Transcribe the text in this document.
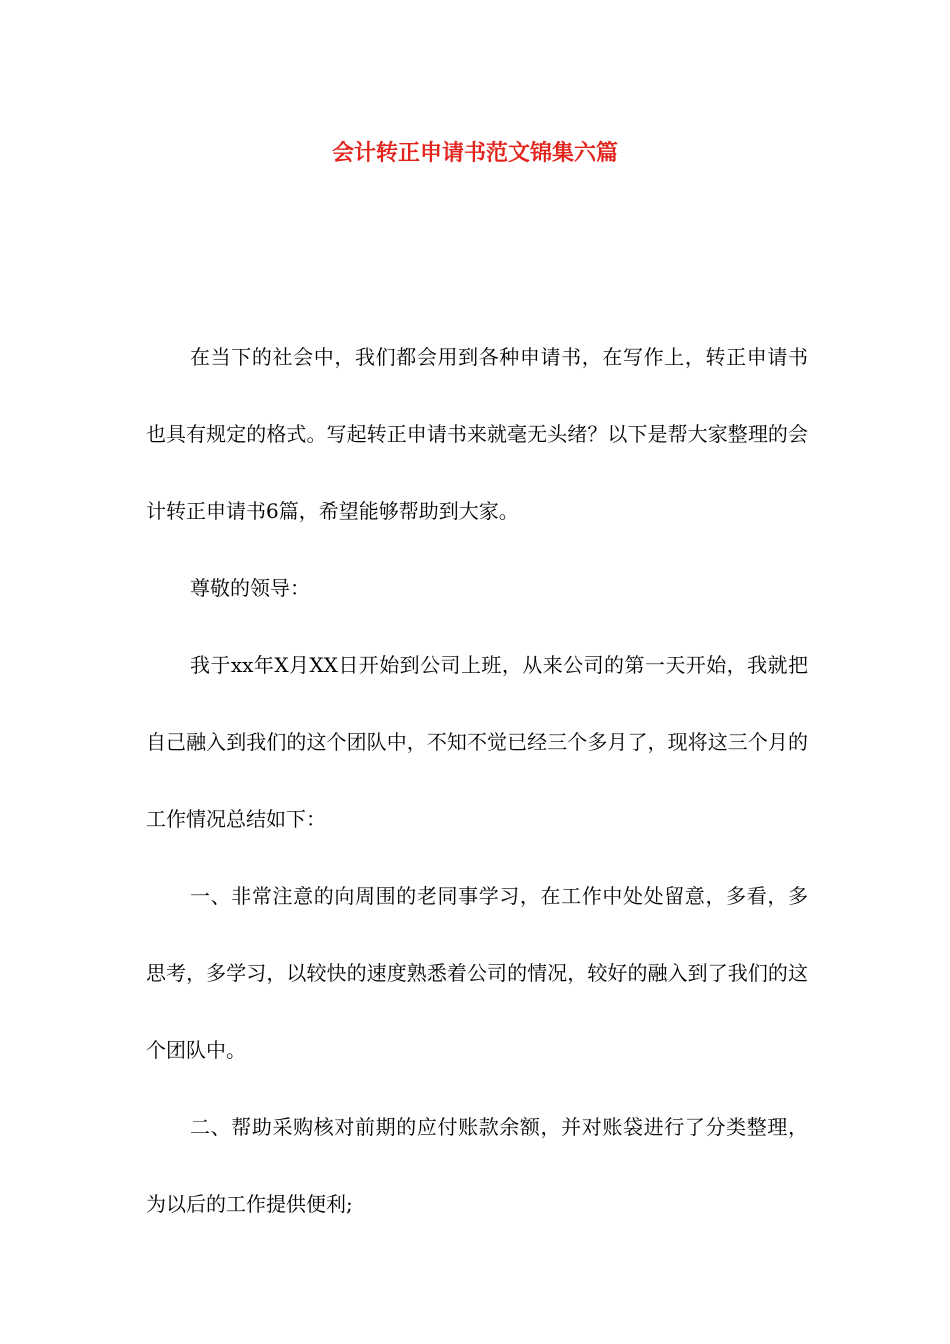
会计转正申请书范文锦集六篇

在当下的社会中，我们都会用到各种申请书，在写作上，转正申请书也具有规定的格式。写起转正申请书来就毫无头绪？以下是帮大家整理的会计转正申请书6篇，希望能够帮助到大家。

尊敬的领导：

我于xx年X月XX日开始到公司上班，从来公司的第一天开始，我就把自己融入到我们的这个团队中，不知不觉已经三个多月了，现将这三个月的工作情况总结如下：

一、非常注意的向周围的老同事学习，在工作中处处留意，多看，多思考，多学习，以较快的速度熟悉着公司的情况，较好的融入到了我们的这个团队中。

二、帮助采购核对前期的应付账款余额，并对账袋进行了分类整理，为以后的工作提供便利;
